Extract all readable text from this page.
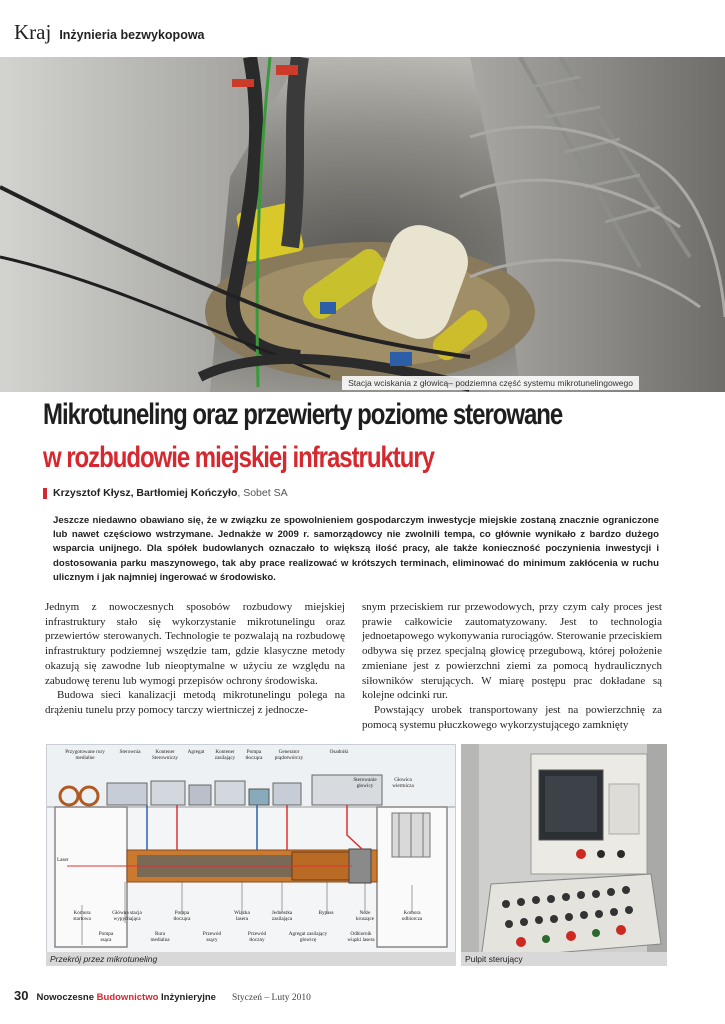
Kraj Inżynieria bezwykopowa
Stacja wciskania z głowicą– podziemna część systemu mikrotunelingowego
Mikrotuneling oraz przewierty poziome sterowane
w rozbudowie miejskiej infrastruktury
Krzysztof Kłysz, Bartłomiej Kończyło, Sobet SA

Jeszcze niedawno obawiano się, że w związku ze spowolnieniem gospodarczym inwestycje miejskie zostaną znacznie ograniczone lub nawet częściowo wstrzymane. Jednakże w 2009 r. samorządowcy nie zwolnili tempa, co głównie wynikało z bardzo dużego wsparcia unijnego. Dla spółek budowlanych oznaczało to większą ilość pracy, ale także konieczność poczynienia inwestycji i dostosowania parku maszynowego, tak aby prace realizować w krótszych terminach, eliminować do minimum zakłócenia w ruchu ulicznym i jak najmniej ingerować w środowisko.

Jednym z nowoczesnych sposobów rozbudowy miejskiej infrastruktury stało się wykorzystanie mikrotunelingu oraz przewiertów sterowanych. Technologie te pozwalają na rozbudowę infrastruktury podziemnej wszędzie tam, gdzie klasyczne metody okazują się zawodne lub nieoptymalne w użyciu ze względu na zabudowę terenu lub wymogi przepisów ochrony środowiska.

Budowa sieci kanalizacji metodą mikrotunelingu polega na drążeniu tunelu przy pomocy tarczy wiertniczej z jednocze-

snym przeciskiem rur przewodowych, przy czym cały proces jest prawie całkowicie zautomatyzowany. Jest to technologia jednoetapowego wykonywania rurociągów. Sterowanie przeciskiem odbywa się przez specjalną głowicę przegubową, której położenie zmieniane jest z powierzchni ziemi za pomocą hydraulicznych siłowników sterujących. W miarę postępu prac dokładane są kolejne odcinki rur.

Powstający urobek transportowany jest na powierzchnię za pomocą systemu płuczkowego wykorzystującego zamknięty

Przygotowane rury
medialne
Sterownia	Kontener
Sterowniczy
Agregat	Kontener
zasilający
Pompa
tłocząca
Generator
prądotwórczy
Osadniki
Sterowanie
głowicy
Głowica
wiertnicza
Laser
Komora
startowa
Główna stacja
wypychająca
Pompa
tłocząca
Wiązka
lasera
Jednostka
zasilająca
Bypass	Noże
kruszące
Komora
odbiorcza
Pompa
ssąca
Rura
medialna
Przewód
ssący
Przewód
tłoczny
Agregat zasilający
głowicę
Odbiornik
wiązki lasera
Przekrój przez mikrotuneling	Pulpit sterujący
30 Nowoczesne Budownictwo Inżynieryjne Styczeń – Luty 2010
